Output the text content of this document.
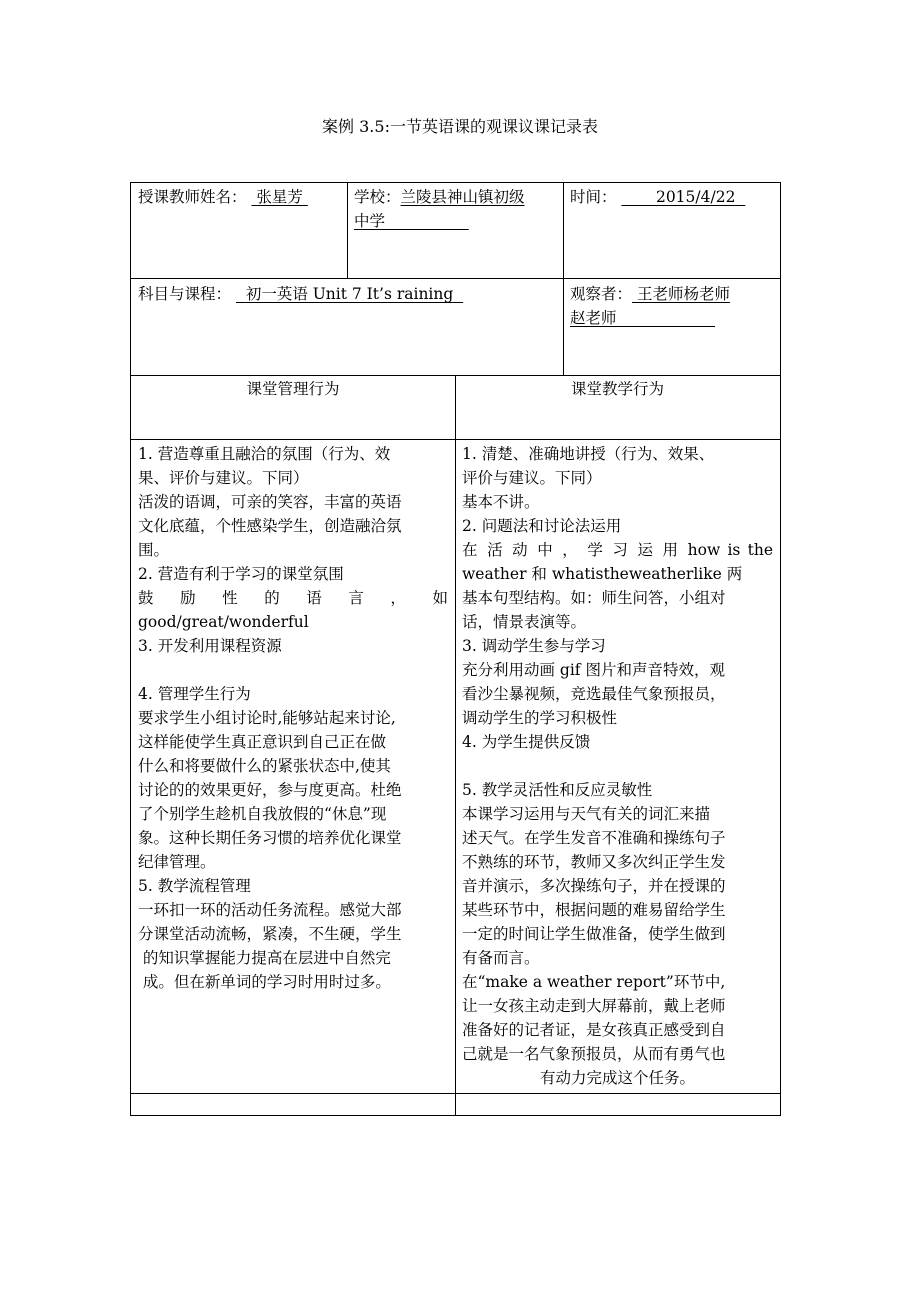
案例 3.5:一节英语课的观课议课记录表
授课教师姓名： 张星芳	学校：兰陵县神山镇初级
中学
时间：	2015/4/22
科目与课程： 初一英语 Unit 7 It’s raining	观察者： 王老师杨老师
赵老师
课堂管理行为	课堂教学行为
1. 营造尊重且融洽的氛围（行为、效
果、评价与建议。下同）
活泼的语调，可亲的笑容，丰富的英语
文化底蕴，个性感染学生，创造融洽氛
围。
2. 营造有利于学习的课堂氛围
鼓 励 性 的 语 言 ， 如
good/great/wonderful
3. 开发利用课程资源
4. 管理学生行为
要求学生小组讨论时,能够站起来讨论,
这样能使学生真正意识到自己正在做
什么和将要做什么的紧张状态中,使其
讨论的的效果更好，参与度更高。杜绝
了个别学生趁机自我放假的“休息”现
象。这种长期任务习惯的培养优化课堂
纪律管理。
5. 教学流程管理
一环扣一环的活动任务流程。感觉大部
分课堂活动流畅，紧凑，不生硬，学生
的知识掌握能力提高在层进中自然完
成。但在新单词的学习时用时过多。
1. 清楚、准确地讲授（行为、效果、
评价与建议。下同）
基本不讲。
2. 问题法和讨论法运用
在 活 动 中 ， 学 习 运 用 how is the
weather 和 whatistheweatherlike 两
基本句型结构。如：师生问答，小组对
话，情景表演等。
3. 调动学生参与学习
充分利用动画 gif 图片和声音特效，观
看沙尘暴视频，竞选最佳气象预报员，
调动学生的学习积极性
4. 为学生提供反馈
5. 教学灵活性和反应灵敏性
本课学习运用与天气有关的词汇来描
述天气。在学生发音不准确和操练句子
不熟练的环节，教师又多次纠正学生发
音并演示，多次操练句子，并在授课的
某些环节中，根据问题的难易留给学生
一定的时间让学生做准备，使学生做到
有备而言。
在“make a weather report”环节中,
让一女孩主动走到大屏幕前，戴上老师
准备好的记者证，是女孩真正感受到自
己就是一名气象预报员，从而有勇气也
有动力完成这个任务。
